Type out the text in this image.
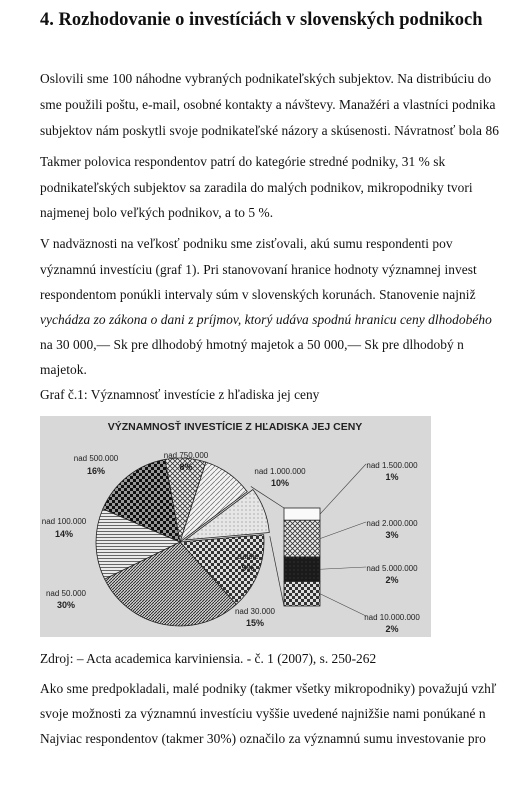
4. Rozhodovanie o investíciách v slovenských podnikoch
Oslovili sme 100 náhodne vybraných podnikateľských subjektov. Na distribúciu do
sme použili poštu, e-mail, osobné kontakty a návštevy. Manažéri a vlastníci podnika
subjektov nám poskytli svoje podnikateľské názory a skúsenosti. Návratnosť bola 86
Takmer polovica respondentov patrí do kategórie stredné podniky, 31 % sk
podnikateľských subjektov sa zaradila do malých podnikov, mikropodniky tvori
najmenej bolo veľkých podnikov, a to 5 %.
V nadväznosti na veľkosť podniku sme zisťovali, akú sumu respondenti pov
významnú investíciu (graf 1). Pri stanovovaní hranice hodnoty významnej invest
respondentom ponúkli intervaly súm v slovenských korunách. Stanovenie najniž
vychádza zo zákona o dani z príjmov, ktorý udáva spodnú hranicu ceny dlhodobého
na 30 000,— Sk pre dlhodobý hmotný majetok a 50 000,— Sk pre dlhodobý n
majetok.
Graf č.1: Významnosť investície z hľadiska jej ceny
VÝZNAMNOSŤ INVESTÍCIE Z HĽADISKA JEJ CENY
nad 1.500.000
1%
nad 2.000.000
3%
nad 5.000.000
2%
nad 10.000.000
2%
nad 750.000
8%	nad 1.000.000
10%
ďalšie
9%
nad 30.000
15%
nad 50.000
30%
nad 100.000
14%
nad 500.000
16%
Zdroj: – Acta academica karviniensia. - č. 1 (2007), s. 250-262
Ako sme predpokladali, malé podniky (takmer všetky mikropodniky) považujú vzhľ
svoje možnosti za významnú investíciu vyššie uvedené najnižšie nami ponúkané n
Najviac respondentov (takmer 30%) označilo za významnú sumu investovanie pro
